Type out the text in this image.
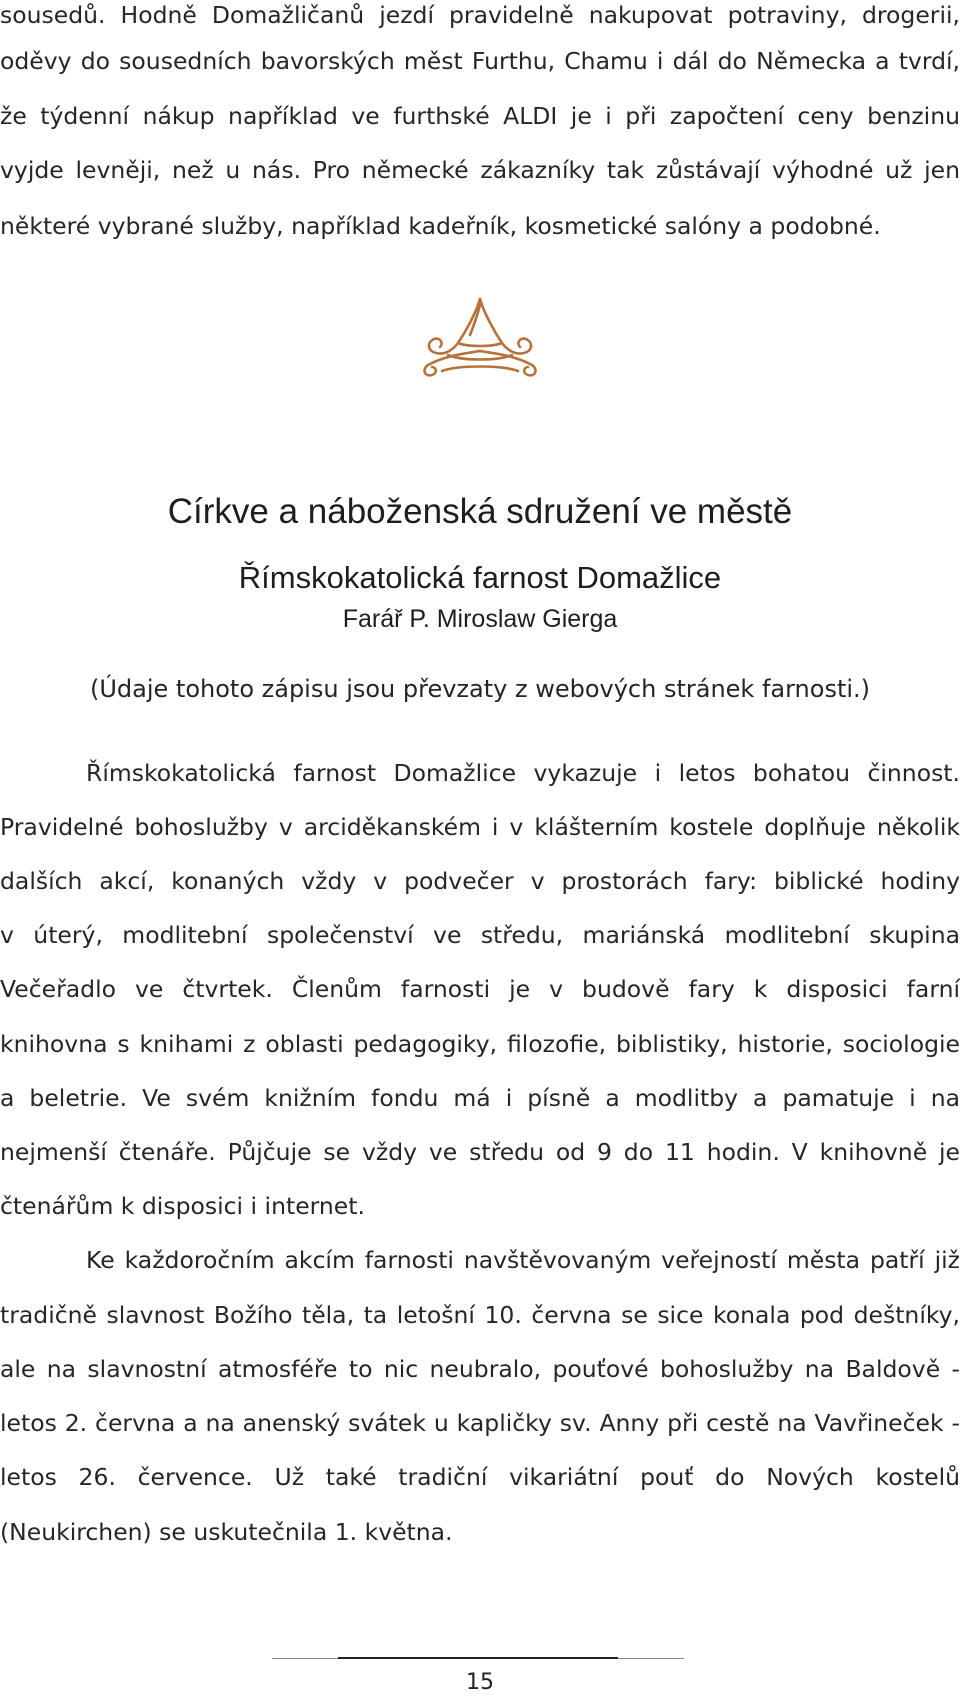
sousedů. Hodně Domažličanů jezdí pravidelně nakupovat potraviny, drogerii,
oděvy do sousedních bavorských měst Furthu, Chamu i dál do Německa a tvrdí,
že týdenní nákup například ve furthské ALDI je i při započtení ceny benzinu
vyjde levněji, než u nás. Pro německé zákazníky tak zůstávají výhodné už jen
některé vybrané služby, například kadeřník, kosmetické salóny a podobné.
Církve a náboženská sdružení ve městě
Římskokatolická farnost Domažlice
Farář P. Miroslaw Gierga
(Údaje tohoto zápisu jsou převzaty z webových stránek farnosti.)
Římskokatolická farnost Domažlice vykazuje i letos bohatou činnost.
Pravidelné bohoslužby v arciděkanském i v klášterním kostele doplňuje několik
dalších akcí, konaných vždy v podvečer v prostorách fary: biblické hodiny
v úterý, modlitební společenství ve středu, mariánská modlitební skupina
Večeřadlo ve čtvrtek. Členům farnosti je v budově fary k disposici farní
knihovna s knihami z oblasti pedagogiky, filozofie, biblistiky, historie, sociologie
a beletrie. Ve svém knižním fondu má i písně a modlitby a pamatuje i na
nejmenší čtenáře. Půjčuje se vždy ve středu od 9 do 11 hodin. V knihovně je
čtenářům k disposici i internet.
Ke každoročním akcím farnosti navštěvovaným veřejností města patří již
tradičně slavnost Božího těla, ta letošní 10. června se sice konala pod deštníky,
ale na slavnostní atmosféře to nic neubralo, pouťové bohoslužby na Baldově -
letos 2. června a na anenský svátek u kapličky sv. Anny při cestě na Vavřineček -
letos 26. července. Už také tradiční vikariátní pouť do Nových kostelů
(Neukirchen) se uskutečnila 1. května.
15
